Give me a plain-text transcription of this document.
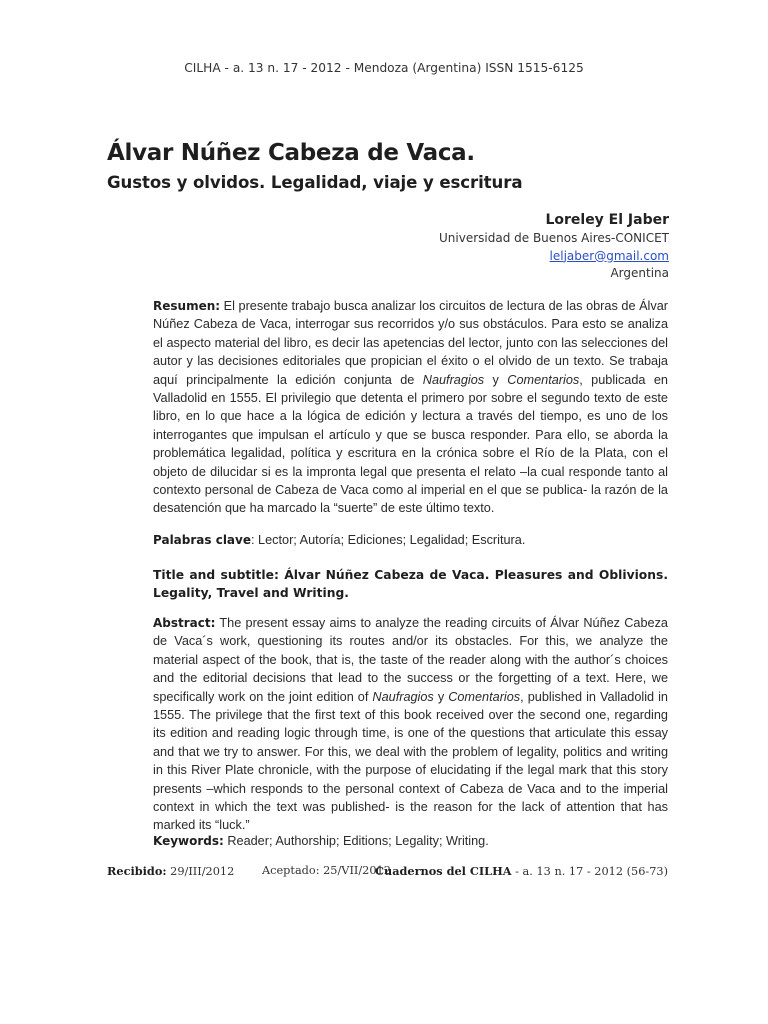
CILHA - a. 13 n. 17 - 2012 - Mendoza (Argentina) ISSN 1515-6125
Álvar Núñez Cabeza de Vaca.
Gustos y olvidos. Legalidad, viaje y escritura
Loreley El Jaber
Universidad de Buenos Aires-CONICET
leljaber@gmail.com
Argentina

Resumen: El presente trabajo busca analizar los circuitos de lectura de las obras de Álvar Núñez Cabeza de Vaca, interrogar sus recorridos y/o sus obstáculos. Para esto se analiza el aspecto material del libro, es decir las apetencias del lector, junto con las selecciones del autor y las decisiones editoriales que propician el éxito o el olvido de un texto. Se trabaja aquí principalmente la edición conjunta de Naufragios y Comentarios, publicada en Valladolid en 1555. El privilegio que detenta el primero por sobre el segundo texto de este libro, en lo que hace a la lógica de edición y lectura a través del tiempo, es uno de los interrogantes que impulsan el artículo y que se busca responder. Para ello, se aborda la problemática legalidad, política y escritura en la crónica sobre el Río de la Plata, con el objeto de dilucidar si es la impronta legal que presenta el relato –la cual responde tanto al contexto personal de Cabeza de Vaca como al imperial en el que se publica- la razón de la desatención que ha marcado la “suerte” de este último texto.

Palabras clave: Lector; Autoría; Ediciones; Legalidad; Escritura.

Title and subtitle: Álvar Núñez Cabeza de Vaca. Pleasures and Oblivions. Legality, Travel and Writing.

Abstract: The present essay aims to analyze the reading circuits of Álvar Núñez Cabeza de Vaca´s work, questioning its routes and/or its obstacles. For this, we analyze the material aspect of the book, that is, the taste of the reader along with the author´s choices and the editorial decisions that lead to the success or the forgetting of a text. Here, we specifically work on the joint edition of Naufragios y Comentarios, published in Valladolid in 1555. The privilege that the first text of this book received over the second one, regarding its edition and reading logic through time, is one of the questions that articulate this essay and that we try to answer. For this, we deal with the problem of legality, politics and writing in this River Plate chronicle, with the purpose of elucidating if the legal mark that this story presents –which responds to the personal context of Cabeza de Vaca and to the imperial context in which the text was published- is the reason for the lack of attention that has marked its “luck.”

Keywords: Reader; Authorship; Editions; Legality; Writing.

Recibido: 29/III/2012 Aceptado: 25/VII/2012
Cuadernos del CILHA - a. 13 n. 17 - 2012 (56-73)
